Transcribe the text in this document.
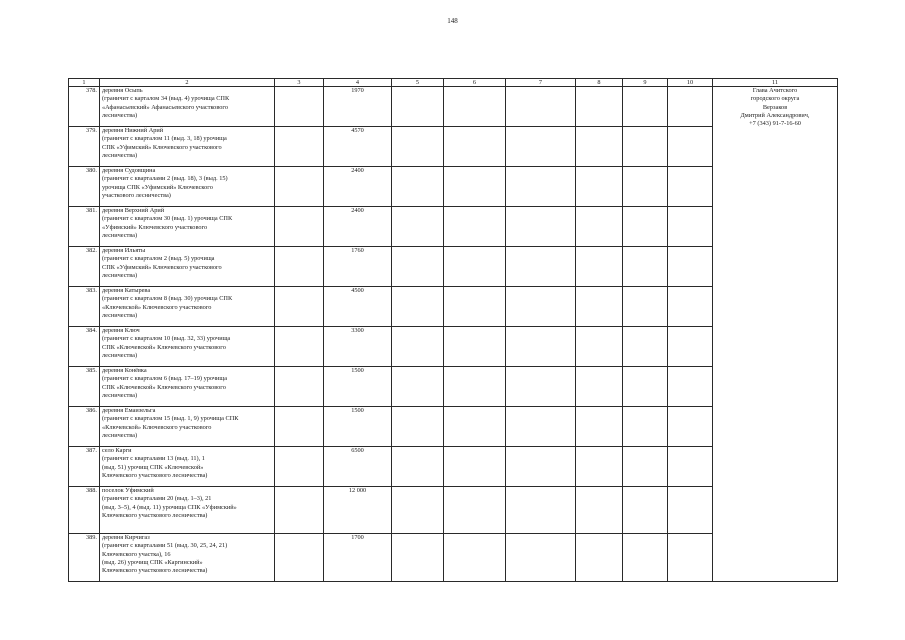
148
1	2	3	4	5	6	7	8	9	10	11
378.	деревня Осыпь
(граничит с карталом 34 (выд. 4) урочища СПК
«Афанасьевский» Афанасьевского участкового
лесничества)		1970							Глава Ачитского
городского округа
Верзаков
Дмитрий Александрович,
+7 (343) 91-7-16-60

379.	деревня Нижний Арий
(граничит с кварталом 11 (выд. 3, 18) урочища
СПК «Уфимский» Ключевского участкового
лесничества)		4570							
380.	деревня Судовщина
(граничит с кварталами 2 (выд. 18), 3 (выд. 15)
урочища СПК «Уфимский» Ключевского
участкового лесничества)		2400							
381.	деревня Верхний Арий
(граничит с кварталом 30 (выд. 1) урочища СПК
«Уфимский» Ключевского участкового
лесничества)		2400							
382.	деревня Ильяты
(граничит с кварталом 2 (выд. 5) урочища
СПК «Уфимский» Ключевского участкового
лесничества)		1760							
383.	деревня Катырева
(граничит с кварталом 8 (выд. 30) урочища СПК
«Ключевской» Ключевского участкового
лесничества)		4500							
384.	деревня Ключ
(граничит с кварталом 10 (выд. 32, 33) урочища
СПК «Ключевской» Ключевского участкового
лесничества)		3300							
385.	деревня Конёвка
(граничит с кварталом 6 (выд. 17–19) урочища
СПК «Ключевской» Ключевского участкового
лесничества)		1500							
386.	деревня Емаизельга
(граничит с кварталом 15 (выд. 1, 9) урочища СПК
«Ключевской» Ключевского участкового
лесничества)		1500							
387.	село Карги
(граничит с кварталами 13 (выд. 11), 1
(выд. 51) урочищ СПК «Ключевской»
Ключевского участкового лесничества)		6500							
388.	поселок Уфимский
(граничит с кварталами 20 (выд. 1–3), 21
(выд. 3–5), 4 (выд. 11) урочища СПК «Уфимский»
Ключевского участкового лесничества)		12 000							
389.	деревня Кирчигаз
(граничит с кварталами 51 (выд. 30, 25, 24, 21)
Ключевского участка), 16
(выд. 26) урочищ СПК «Каргинский»
Ключевского участкового лесничества)		1700							
